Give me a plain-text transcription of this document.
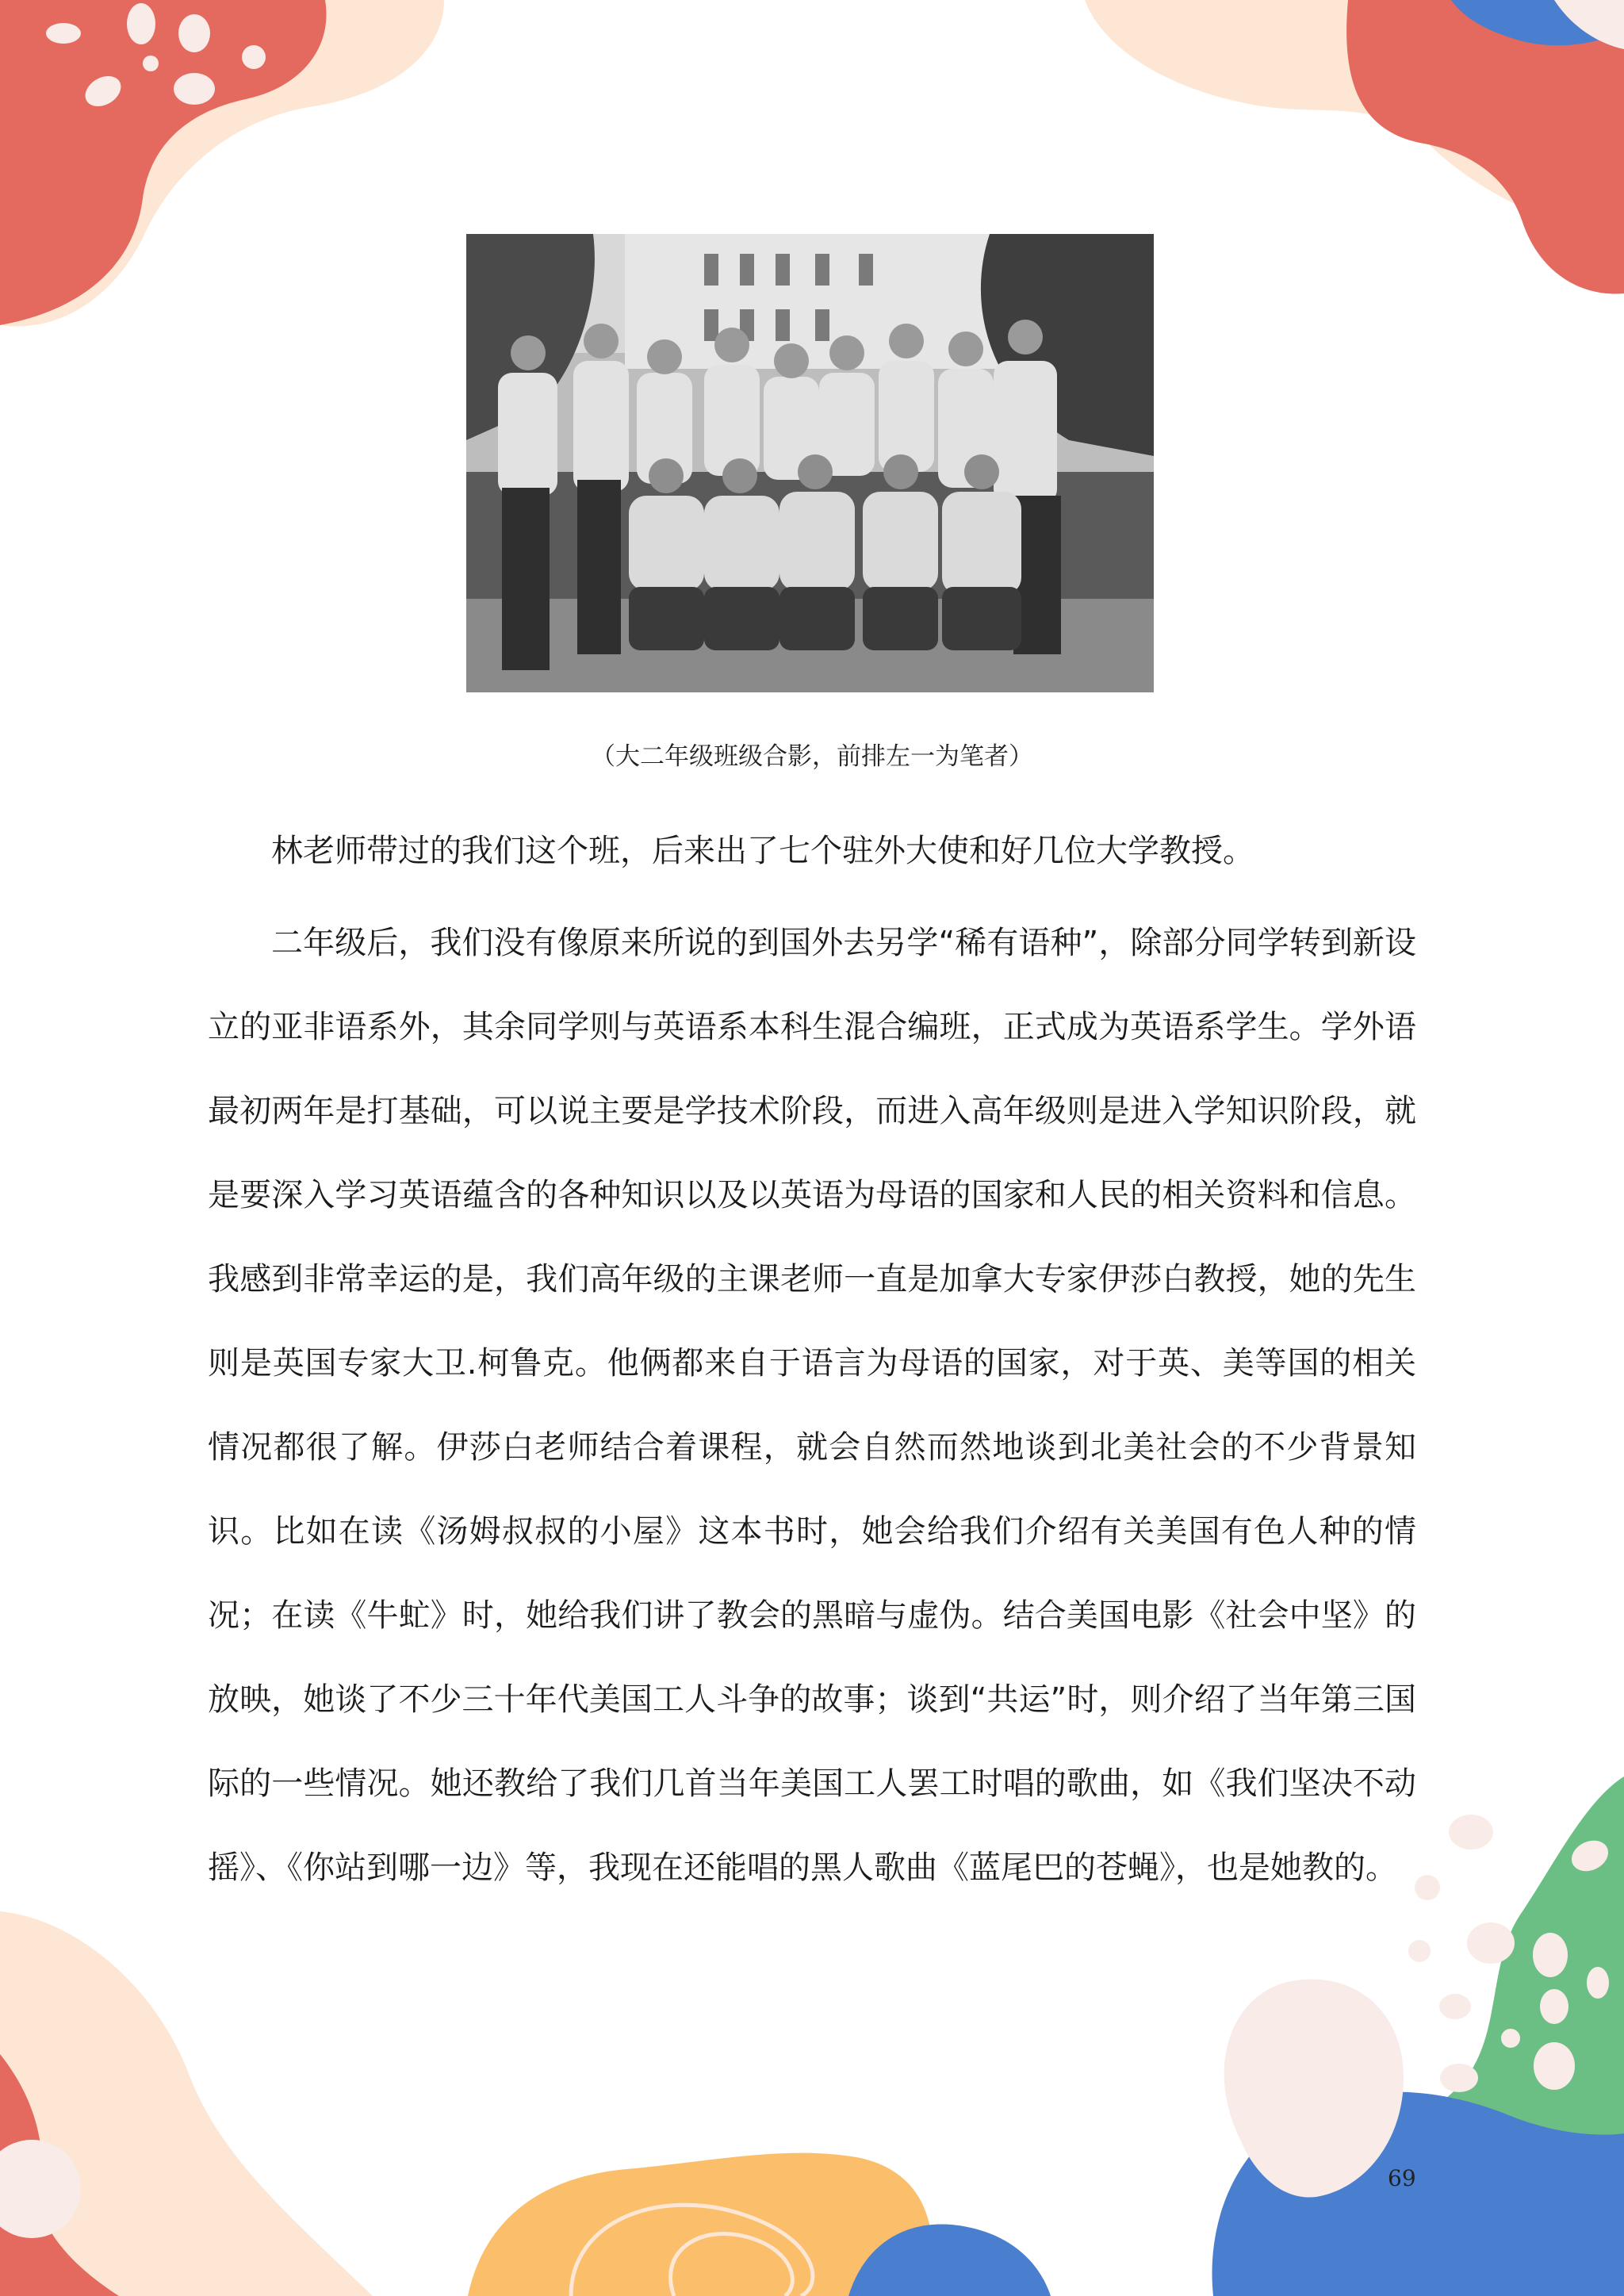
（大二年级班级合影，前排左一为笔者）

林老师带过的我们这个班，后来出了七个驻外大使和好几位大学教授。

二年级后，我们没有像原来所说的到国外去另学“稀有语种”，除部分同学转到新设立的亚非语系外，其余同学则与英语系本科生混合编班，正式成为英语系学生。学外语最初两年是打基础，可以说主要是学技术阶段，而进入高年级则是进入学知识阶段，就是要深入学习英语蕴含的各种知识以及以英语为母语的国家和人民的相关资料和信息。我感到非常幸运的是，我们高年级的主课老师一直是加拿大专家伊莎白教授，她的先生则是英国专家大卫.柯鲁克。他俩都来自于语言为母语的国家，对于英、美等国的相关情况都很了解。伊莎白老师结合着课程，就会自然而然地谈到北美社会的不少背景知识。比如在读《汤姆叔叔的小屋》这本书时，她会给我们介绍有关美国有色人种的情况；在读《牛虻》时，她给我们讲了教会的黑暗与虚伪。结合美国电影《社会中坚》的放映，她谈了不少三十年代美国工人斗争的故事；谈到“共运”时，则介绍了当年第三国际的一些情况。她还教给了我们几首当年美国工人罢工时唱的歌曲，如《我们坚决不动摇》、《你站到哪一边》等，我现在还能唱的黑人歌曲《蓝尾巴的苍蝇》，也是她教的。

69
